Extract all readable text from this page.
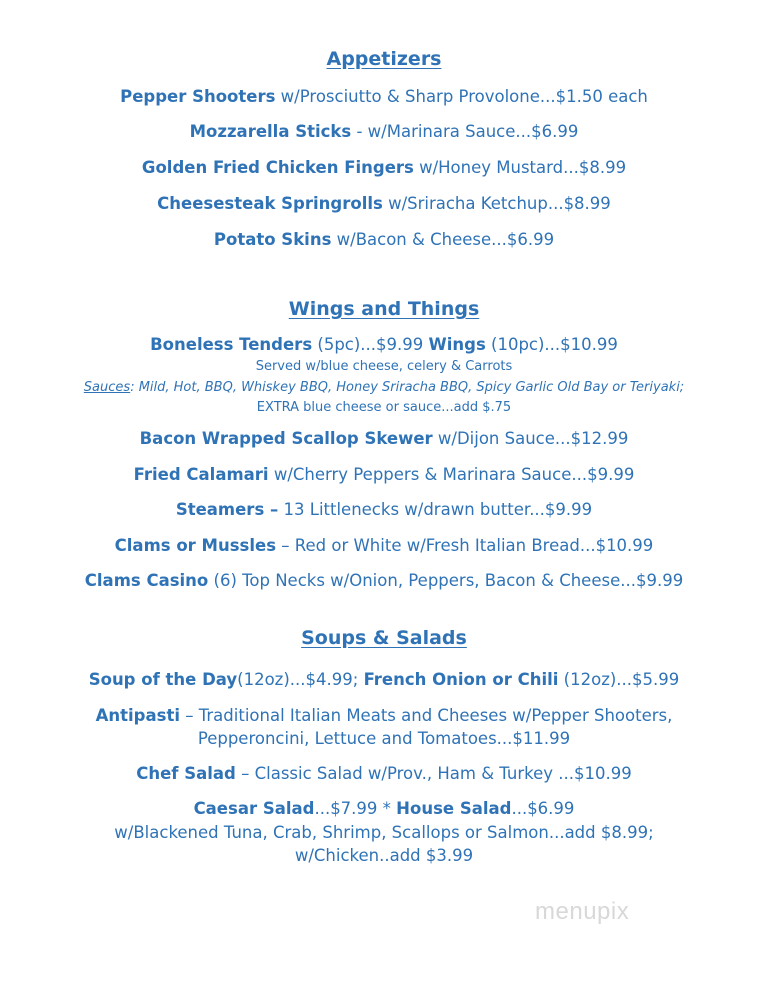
Appetizers
Pepper Shooters w/Prosciutto & Sharp Provolone...$1.50 each
Mozzarella Sticks - w/Marinara Sauce...$6.99
Golden Fried Chicken Fingers w/Honey Mustard...$8.99
Cheesesteak Springrolls w/Sriracha Ketchup...$8.99
Potato Skins w/Bacon & Cheese...$6.99
Wings and Things
Boneless Tenders (5pc)...$9.99 Wings (10pc)...$10.99
Served w/blue cheese, celery & Carrots
Sauces: Mild, Hot, BBQ, Whiskey BBQ, Honey Sriracha BBQ, Spicy Garlic Old Bay or Teriyaki;
EXTRA blue cheese or sauce...add $.75
Bacon Wrapped Scallop Skewer w/Dijon Sauce...$12.99
Fried Calamari w/Cherry Peppers & Marinara Sauce...$9.99
Steamers – 13 Littlenecks w/drawn butter...$9.99
Clams or Mussles – Red or White w/Fresh Italian Bread...$10.99
Clams Casino (6) Top Necks w/Onion, Peppers, Bacon & Cheese...$9.99
Soups & Salads
Soup of the Day(12oz)...$4.99; French Onion or Chili (12oz)...$5.99
Antipasti – Traditional Italian Meats and Cheeses w/Pepper Shooters,
Pepperoncini, Lettuce and Tomatoes...$11.99
Chef Salad – Classic Salad w/Prov., Ham & Turkey ...$10.99
Caesar Salad...$7.99 * House Salad...$6.99
w/Blackened Tuna, Crab, Shrimp, Scallops or Salmon...add $8.99;
w/Chicken..add $3.99
menupix
